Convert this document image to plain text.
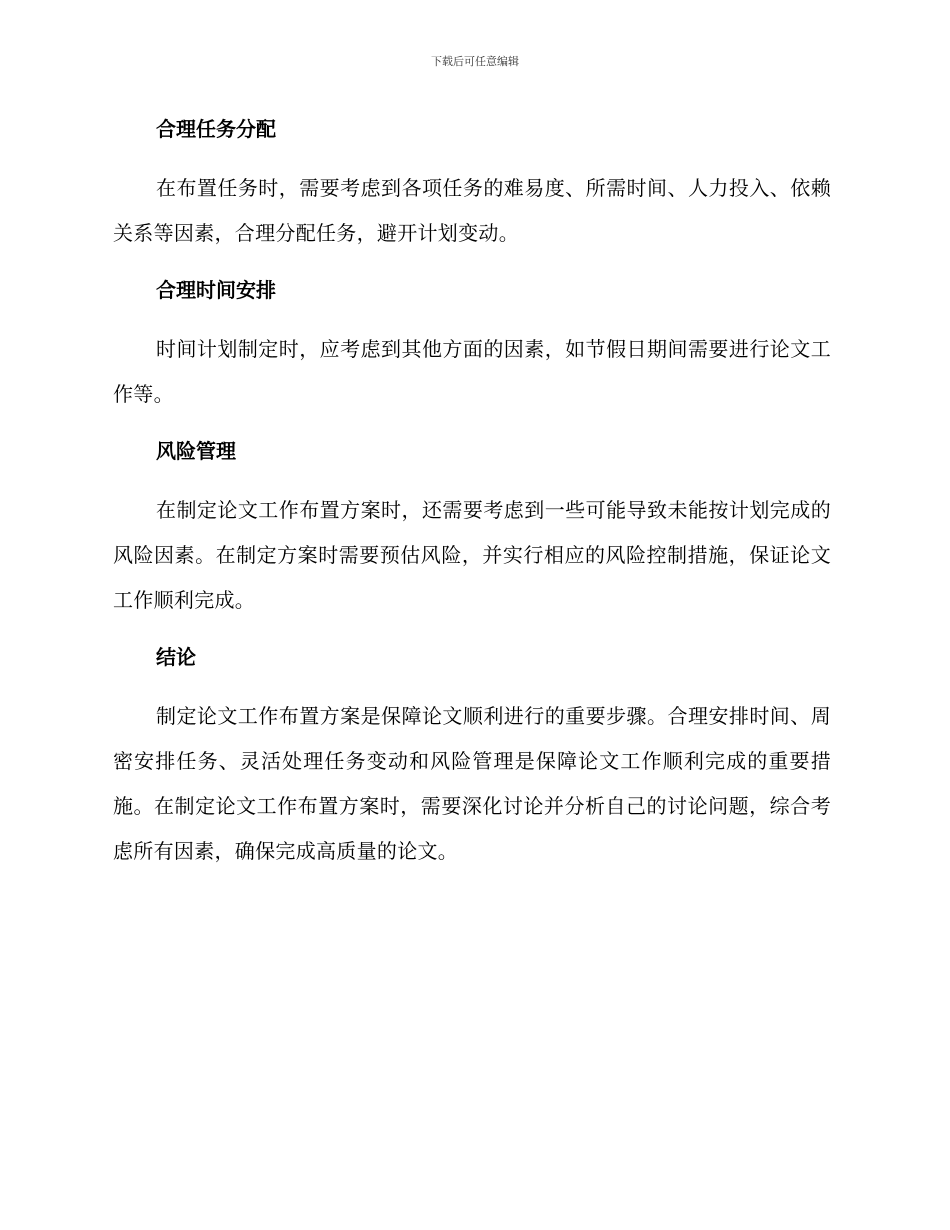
下载后可任意编辑
合理任务分配

在布置任务时，需要考虑到各项任务的难易度、所需时间、人力投入、依赖关系等因素，合理分配任务，避开计划变动。

合理时间安排

时间计划制定时，应考虑到其他方面的因素，如节假日期间需要进行论文工作等。

风险管理

在制定论文工作布置方案时，还需要考虑到一些可能导致未能按计划完成的风险因素。在制定方案时需要预估风险，并实行相应的风险控制措施，保证论文工作顺利完成。

结论

制定论文工作布置方案是保障论文顺利进行的重要步骤。合理安排时间、周密安排任务、灵活处理任务变动和风险管理是保障论文工作顺利完成的重要措施。在制定论文工作布置方案时，需要深化讨论并分析自己的讨论问题，综合考虑所有因素，确保完成高质量的论文。
